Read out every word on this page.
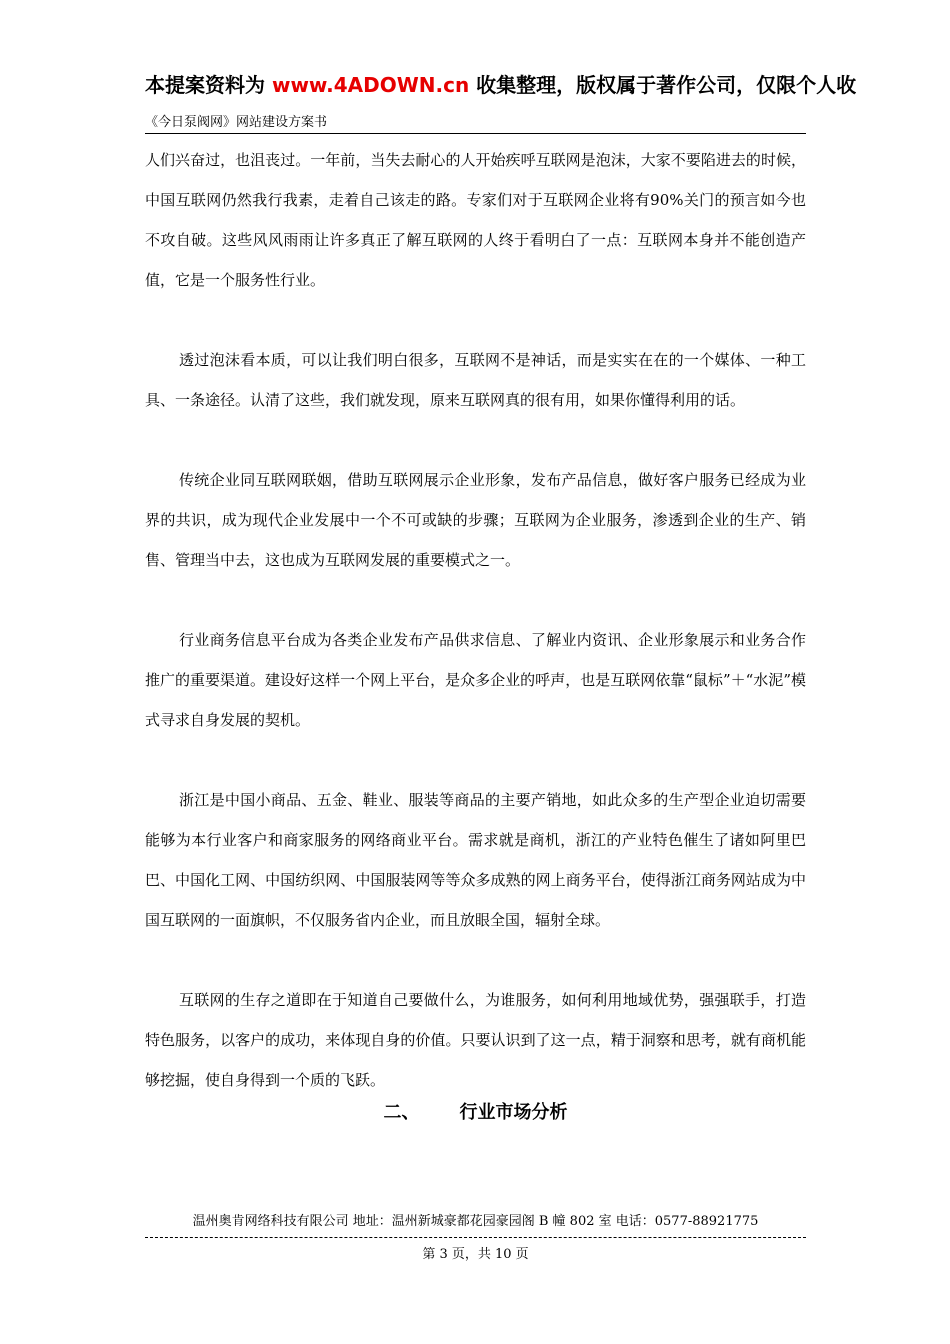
本提案资料为 www.4ADOWN.cn 收集整理，版权属于著作公司，仅限个人收
《今日泵阀网》网站建设方案书

人们兴奋过，也沮丧过。一年前，当失去耐心的人开始疾呼互联网是泡沫，大家不要陷进去的时候，中国互联网仍然我行我素，走着自己该走的路。专家们对于互联网企业将有90%关门的预言如今也不攻自破。这些风风雨雨让许多真正了解互联网的人终于看明白了一点：互联网本身并不能创造产值，它是一个服务性行业。

透过泡沫看本质，可以让我们明白很多，互联网不是神话，而是实实在在的一个媒体、一种工具、一条途径。认清了这些，我们就发现，原来互联网真的很有用，如果你懂得利用的话。

传统企业同互联网联姻，借助互联网展示企业形象，发布产品信息，做好客户服务已经成为业界的共识，成为现代企业发展中一个不可或缺的步骤；互联网为企业服务，渗透到企业的生产、销售、管理当中去，这也成为互联网发展的重要模式之一。

行业商务信息平台成为各类企业发布产品供求信息、了解业内资讯、企业形象展示和业务合作推广的重要渠道。建设好这样一个网上平台，是众多企业的呼声，也是互联网依靠“鼠标”＋“水泥”模式寻求自身发展的契机。

浙江是中国小商品、五金、鞋业、服装等商品的主要产销地，如此众多的生产型企业迫切需要能够为本行业客户和商家服务的网络商业平台。需求就是商机，浙江的产业特色催生了诸如阿里巴巴、中国化工网、中国纺织网、中国服装网等等众多成熟的网上商务平台，使得浙江商务网站成为中国互联网的一面旗帜，不仅服务省内企业，而且放眼全国，辐射全球。

互联网的生存之道即在于知道自己要做什么，为谁服务，如何利用地域优势，强强联手，打造特色服务，以客户的成功，来体现自身的价值。只要认识到了这一点，精于洞察和思考，就有商机能够挖掘，使自身得到一个质的飞跃。

二、 行业市场分析
温州奥肯网络科技有限公司 地址：温州新城豪都花园豪园阁 B 幢 802 室 电话：0577-88921775
第 3 页，共 10 页
